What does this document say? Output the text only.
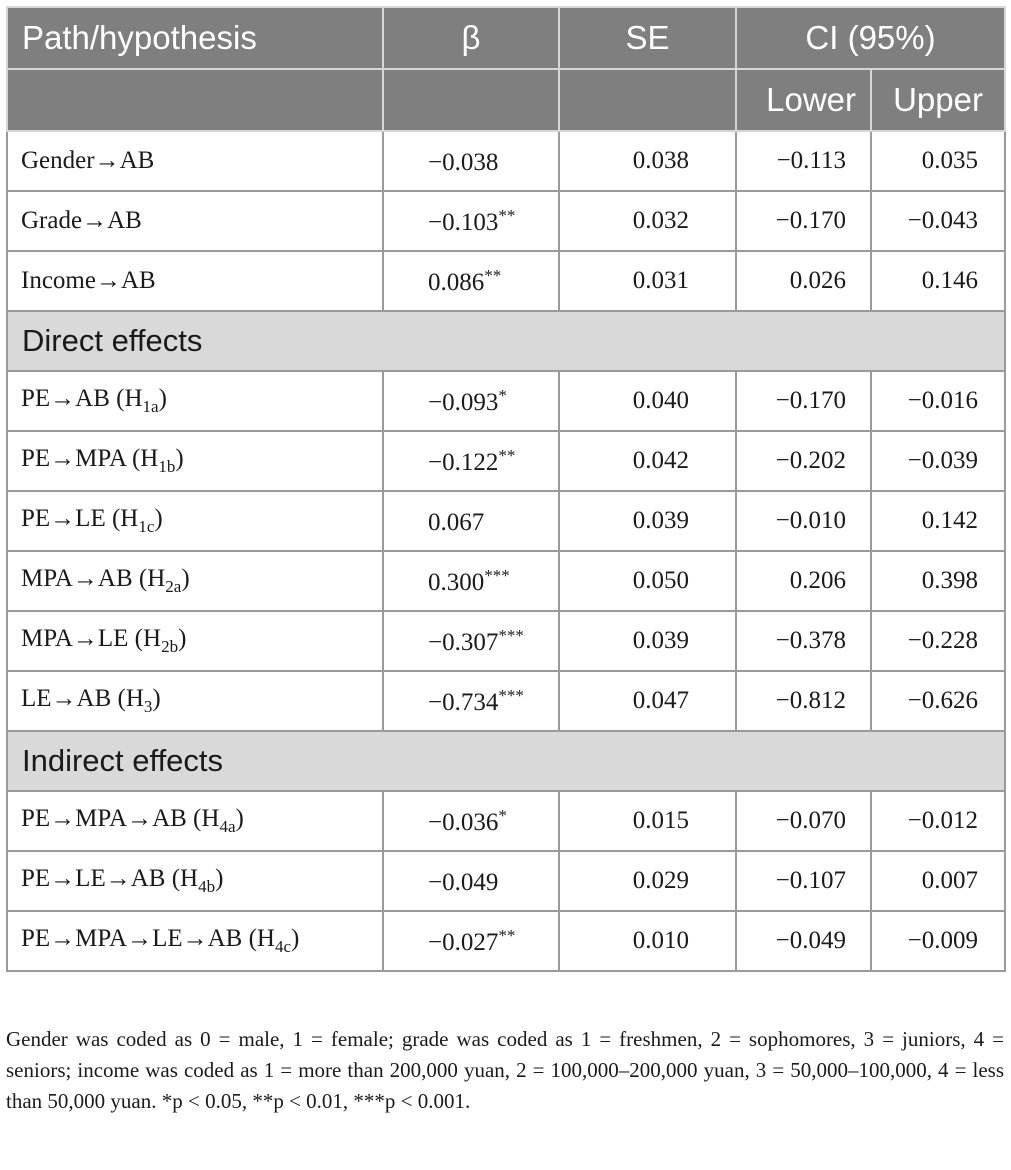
Path/hypothesis	β	SE	CI (95%)	
			Lower	Upper
Gender→AB	−0.038	0.038	−0.113	0.035
Grade→AB	−0.103**	0.032	−0.170	−0.043
Income→AB	0.086**	0.031	0.026	0.146
Direct effects				
PE→AB $(H_{1a})$	−0.093*	0.040	−0.170	−0.016
PE→MPA $(H_{1b})$	−0.122**	0.042	−0.202	−0.039
PE→LE $(H_{1c})$	0.067	0.039	−0.010	0.142
MPA→AB $(H_{2a})$	0.300***	0.050	0.206	0.398
MPA→LE $(H_{2b})$	−0.307***	0.039	−0.378	−0.228
LE→AB $(H_3)$	−0.734***	0.047	−0.812	−0.626
Indirect effects				
PE→MPA→AB $(H_{4a})$	−0.036*	0.015	−0.070	−0.012
PE→LE→AB $(H_{4b})$	−0.049	0.029	−0.107	0.007
PE→MPA→LE→AB $(H_{4c})$	−0.027**	0.010	−0.049	−0.009
Gender was coded as 0 = male, 1 = female; grade was coded as 1 = freshmen, 2 = sophomores, 3 = juniors, 4 = seniors; income was coded as 1 = more than 200,000 yuan, 2 = 100,000–200,000 yuan, 3 = 50,000–100,000, 4 = less than 50,000 yuan. *p < 0.05, **p < 0.01, ***p < 0.001.
